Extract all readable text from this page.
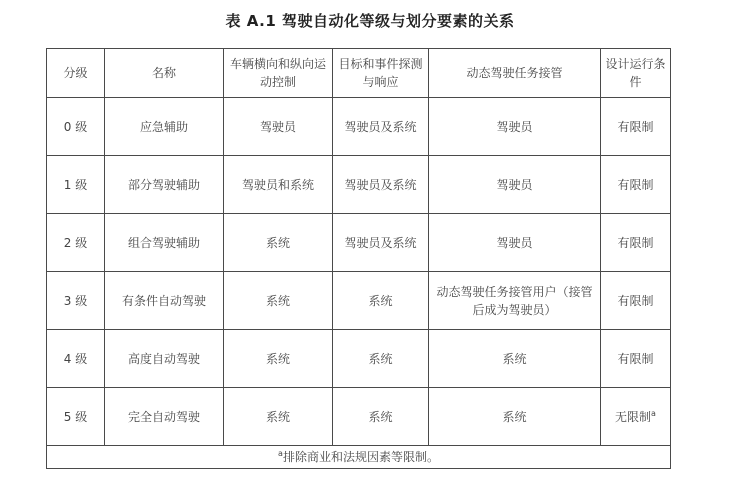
表 A.1 驾驶自动化等级与划分要素的关系
分级	名称	车辆横向和纵向运动控制	目标和事件探测与响应	动态驾驶任务接管	设计运行条件
0 级	应急辅助	驾驶员	驾驶员及系统	驾驶员	有限制
1 级	部分驾驶辅助	驾驶员和系统	驾驶员及系统	驾驶员	有限制
2 级	组合驾驶辅助	系统	驾驶员及系统	驾驶员	有限制
3 级	有条件自动驾驶	系统	系统	动态驾驶任务接管用户（接管后成为驾驶员）	有限制
4 级	高度自动驾驶	系统	系统	系统	有限制
5 级	完全自动驾驶	系统	系统	系统	无限制$^a$
$^a$排除商业和法规因素等限制。					
